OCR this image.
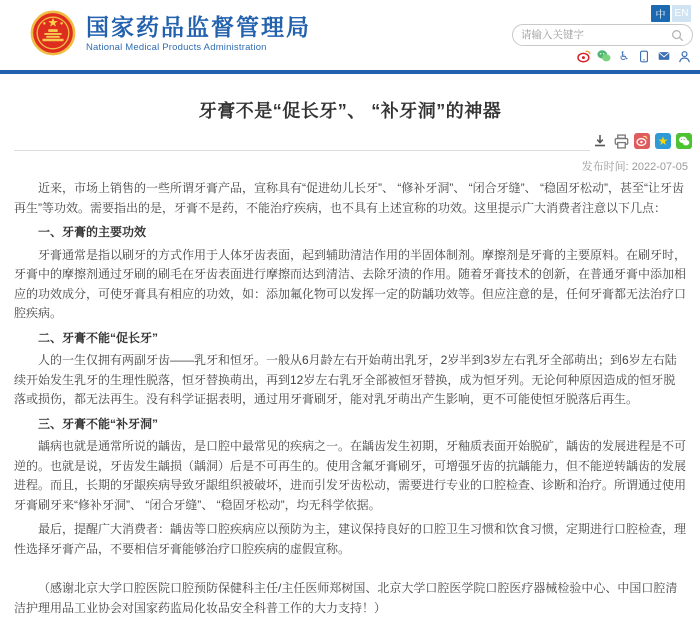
国家药品监督管理局
National Medical Products Administration
中 EN
请输入关键字
♿
牙膏不是“促长牙”、 “补牙洞”的神器
★
发布时间: 2022-07-05

近来，市场上销售的一些所谓牙膏产品，宣称具有“促进幼儿长牙”、 “修补牙洞”、 “闭合牙缝”、 “稳固牙松动”，甚至“让牙齿再生”等功效。需要指出的是，牙膏不是药，不能治疗疾病，也不具有上述宣称的功效。这里提示广大消费者注意以下几点：

一、牙膏的主要功效

牙膏通常是指以刷牙的方式作用于人体牙齿表面，起到辅助清洁作用的半固体制剂。摩擦剂是牙膏的主要原料。在刷牙时，牙膏中的摩擦剂通过牙刷的刷毛在牙齿表面进行摩擦而达到清洁、去除牙渍的作用。随着牙膏技术的创新，在普通牙膏中添加相应的功效成分，可使牙膏具有相应的功效，如：添加氟化物可以发挥一定的防龋功效等。但应注意的是，任何牙膏都无法治疗口腔疾病。

二、牙膏不能“促长牙”

人的一生仅拥有两副牙齿——乳牙和恒牙。一般从6月龄左右开始萌出乳牙，2岁半到3岁左右乳牙全部萌出；到6岁左右陆续开始发生乳牙的生理性脱落，恒牙替换萌出，再到12岁左右乳牙全部被恒牙替换，成为恒牙列。无论何种原因造成的恒牙脱落或损伤，都无法再生。没有科学证据表明，通过用牙膏刷牙，能对乳牙萌出产生影响，更不可能使恒牙脱落后再生。

三、牙膏不能“补牙洞”

龋病也就是通常所说的龋齿，是口腔中最常见的疾病之一。在龋齿发生初期，牙釉质表面开始脱矿，龋齿的发展进程是不可逆的。也就是说，牙齿发生龋损（龋洞）后是不可再生的。使用含氟牙膏刷牙，可增强牙齿的抗龋能力，但不能逆转龋齿的发展进程。而且，长期的牙龈疾病导致牙龈组织被破坏，进而引发牙齿松动，需要进行专业的口腔检查、诊断和治疗。所谓通过使用牙膏刷牙来“修补牙洞”、 “闭合牙缝”、 “稳固牙松动”，均无科学依据。

最后，提醒广大消费者：龋齿等口腔疾病应以预防为主，建议保持良好的口腔卫生习惯和饮食习惯，定期进行口腔检查，理性选择牙膏产品，不要相信牙膏能够治疗口腔疾病的虚假宣称。

（感谢北京大学口腔医院口腔预防保健科主任/主任医师郑树国、北京大学口腔医学院口腔医疗器械检验中心、中国口腔清洁护理用品工业协会对国家药监局化妆品安全科普工作的大力支持！）
